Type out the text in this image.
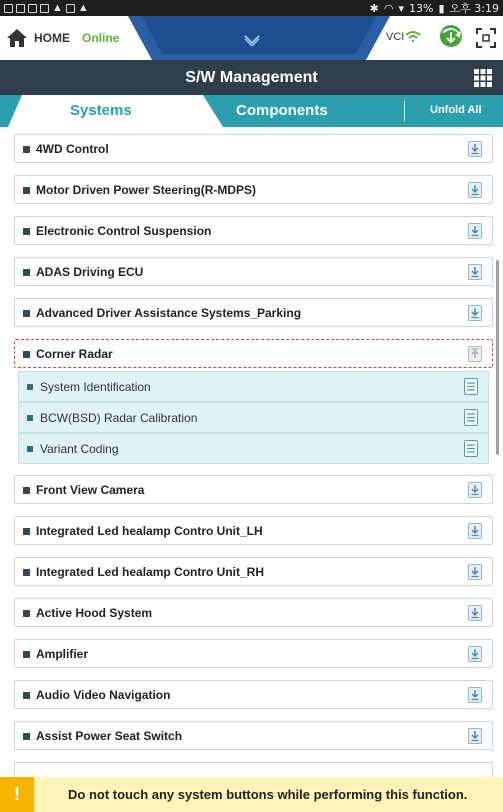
▲ ▲	✱ ◠ ▾ 13% ▮ 오후 3:19
HOME Online	VCI
S/W Management
Systems	Components	Unfold All
4WD Control
Motor Driven Power Steering(R-MDPS)
Electronic Control Suspension
ADAS Driving ECU
Advanced Driver Assistance Systems_Parking
Corner Radar
System Identification
BCW(BSD) Radar Calibration
Variant Coding
Front View Camera
Integrated Led healamp Contro Unit_LH
Integrated Led healamp Contro Unit_RH
Active Hood System
Amplifier
Audio Video Navigation
Assist Power Seat Switch
!	Do not touch any system buttons while performing this function.
